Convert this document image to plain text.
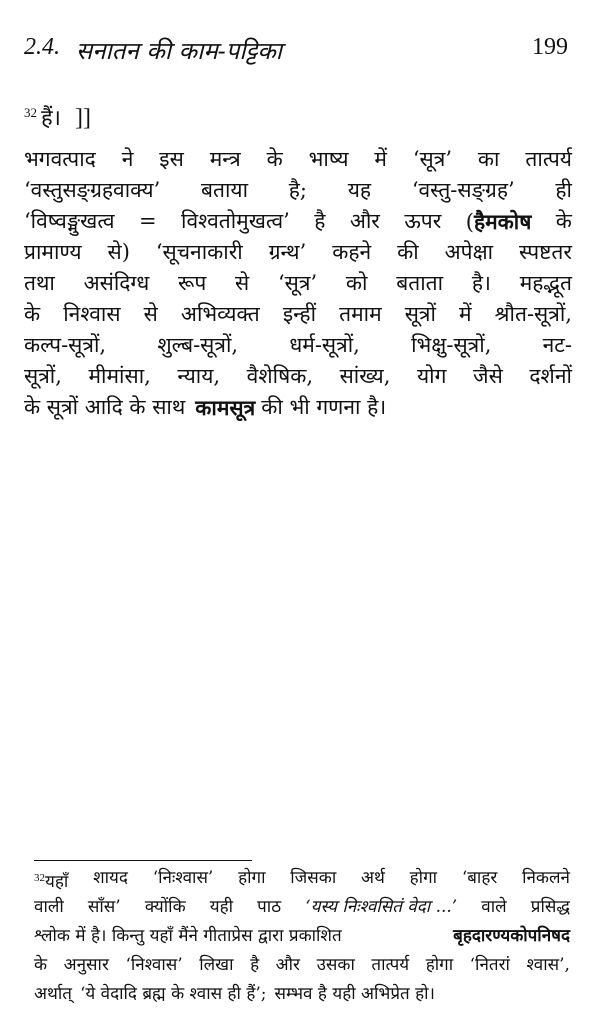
2.4. सनातन की काम-पट्टिका	199
$^{32}$ हैं। ]]
भगवत्पाद ने इस मन्त्र के भाष्य में ‘सूत्र’ का तात्पर्य
‘वस्तुसङ्ग्रहवाक्य’ बताया है; यह ‘वस्तु-सङ्ग्रह’ ही
‘विष्वङ्मुखत्व = विश्वतोमुखत्व’ है और ऊपर (हैमकोष के
प्रामाण्य से) ‘सूचनाकारी ग्रन्थ’ कहने की अपेक्षा स्पष्टतर
तथा असंदिग्ध रूप से ‘सूत्र’ को बताता है। महद्भूत
के निश्वास से अभिव्यक्त इन्हीं तमाम सूत्रों में श्रौत-सूत्रों,
कल्प-सूत्रों, शुल्ब-सूत्रों, धर्म-सूत्रों, भिक्षु-सूत्रों, नट-
सूत्रों, मीमांसा, न्याय, वैशेषिक, सांख्य, योग जैसे दर्शनों
के सूत्रों आदि के साथ कामसूत्र की भी गणना है।
$^{32}$यहाँ शायद ‘निःश्वास’ होगा जिसका अर्थ होगा ‘बाहर निकलने
वाली साँस’ क्योंकि यही पाठ ‘यस्य निःश्वसितं वेदा ...’ वाले प्रसिद्ध
श्लोक में है। किन्तु यहाँ मैंने गीताप्रेस द्वारा प्रकाशित	बृहदारण्यकोपनिषद
के अनुसार ‘निश्वास’ लिखा है और उसका तात्पर्य होगा ‘नितरां श्वास’,
अर्थात् ‘ये वेदादि ब्रह्म के श्वास ही हैं’; सम्भव है यही अभिप्रेत हो।
